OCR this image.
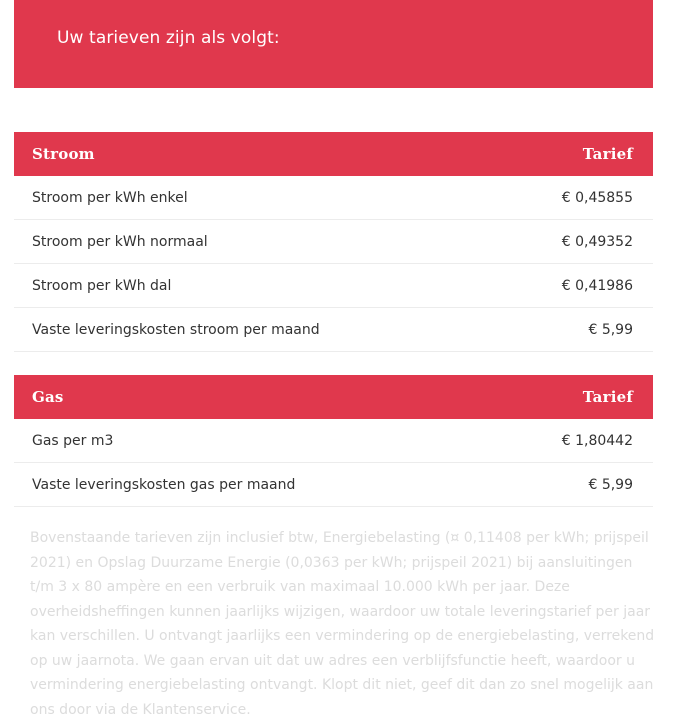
Uw tarieven zijn als volgt:
Stroom	Tarief
Stroom per kWh enkel	€ 0,45855
Stroom per kWh normaal	€ 0,49352
Stroom per kWh dal	€ 0,41986
Vaste leveringskosten stroom per maand	€ 5,99
Gas	Tarief
Gas per m3	€ 1,80442
Vaste leveringskosten gas per maand	€ 5,99
Bovenstaande tarieven zijn inclusief btw, Energiebelasting (¤ 0,11408 per kWh; prijspeil 2021) en Opslag Duurzame Energie (0,0363 per kWh; prijspeil 2021) bij aansluitingen t/m 3 x 80 ampère en een verbruik van maximaal 10.000 kWh per jaar. Deze overheidsheffingen kunnen jaarlijks wijzigen, waardoor uw totale leveringstarief per jaar kan verschillen. U ontvangt jaarlijks een vermindering op de energiebelasting, verrekend op uw jaarnota. We gaan ervan uit dat uw adres een verblijfsfunctie heeft, waardoor u vermindering energiebelasting ontvangt. Klopt dit niet, geef dit dan zo snel mogelijk aan ons door via de Klantenservice.
